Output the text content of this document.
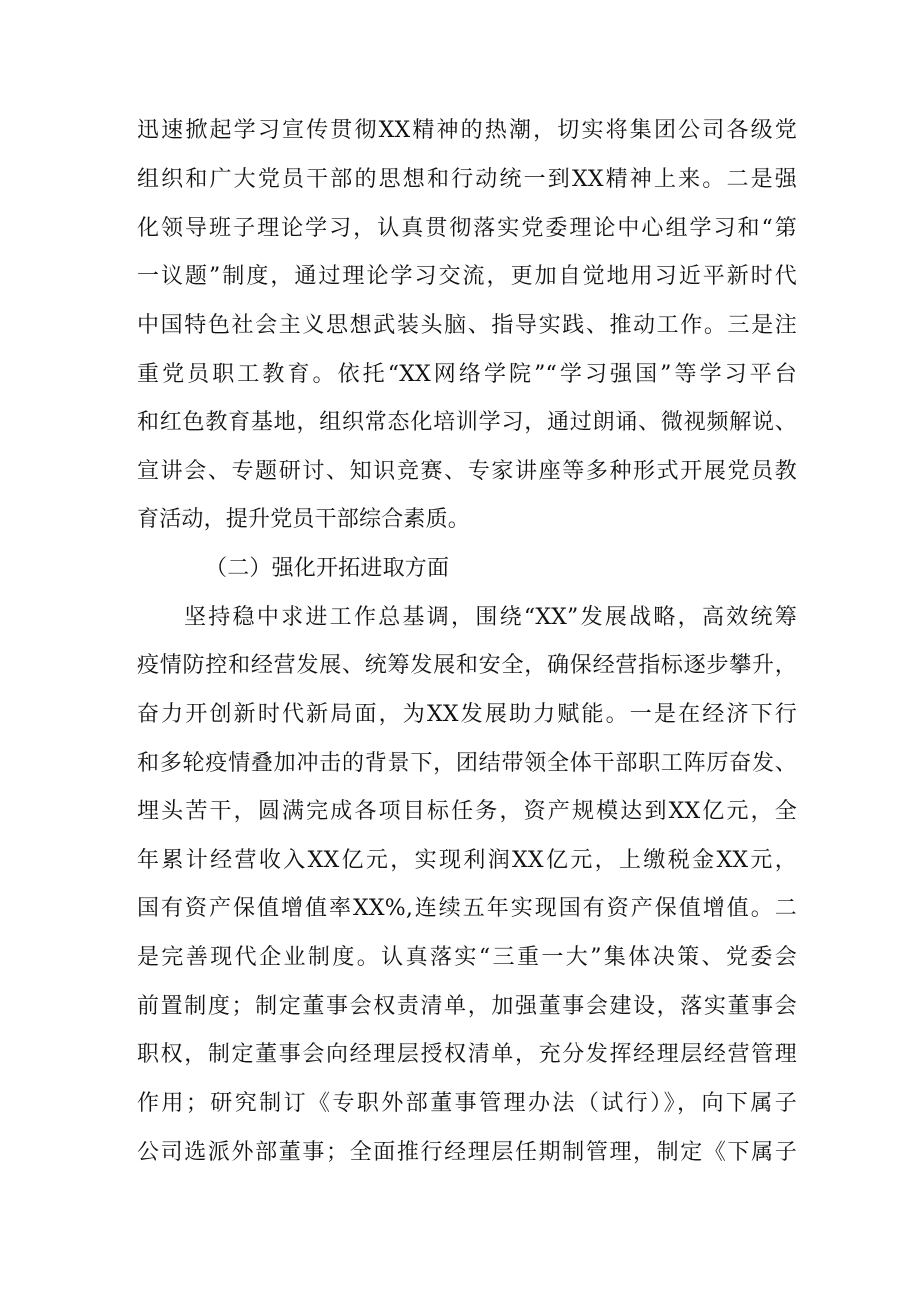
迅速掀起学习宣传贯彻XX精神的热潮，切实将集团公司各级党
组织和广大党员干部的思想和行动统一到XX精神上来。二是强
化领导班子理论学习，认真贯彻落实党委理论中心组学习和“第
一议题”制度，通过理论学习交流，更加自觉地用习近平新时代
中国特色社会主义思想武装头脑、指导实践、推动工作。三是注
重党员职工教育。依托“XX网络学院”“学习强国”等学习平台
和红色教育基地，组织常态化培训学习，通过朗诵、微视频解说、
宣讲会、专题研讨、知识竞赛、专家讲座等多种形式开展党员教
育活动，提升党员干部综合素质。
（二）强化开拓进取方面
坚持稳中求进工作总基调，围绕“XX”发展战略，高效统筹
疫情防控和经营发展、统筹发展和安全，确保经营指标逐步攀升，
奋力开创新时代新局面，为XX发展助力赋能。一是在经济下行
和多轮疫情叠加冲击的背景下，团结带领全体干部职工阵厉奋发、
埋头苦干，圆满完成各项目标任务，资产规模达到XX亿元，全
年累计经营收入XX亿元，实现利润XX亿元，上缴税金XX元，
国有资产保值增值率XX%,连续五年实现国有资产保值增值。二
是完善现代企业制度。认真落实“三重一大”集体决策、党委会
前置制度；制定董事会权责清单，加强董事会建设，落实董事会
职权，制定董事会向经理层授权清单，充分发挥经理层经营管理
作用；研究制订《专职外部董事管理办法（试行）》，向下属子
公司选派外部董事；全面推行经理层任期制管理，制定《下属子
